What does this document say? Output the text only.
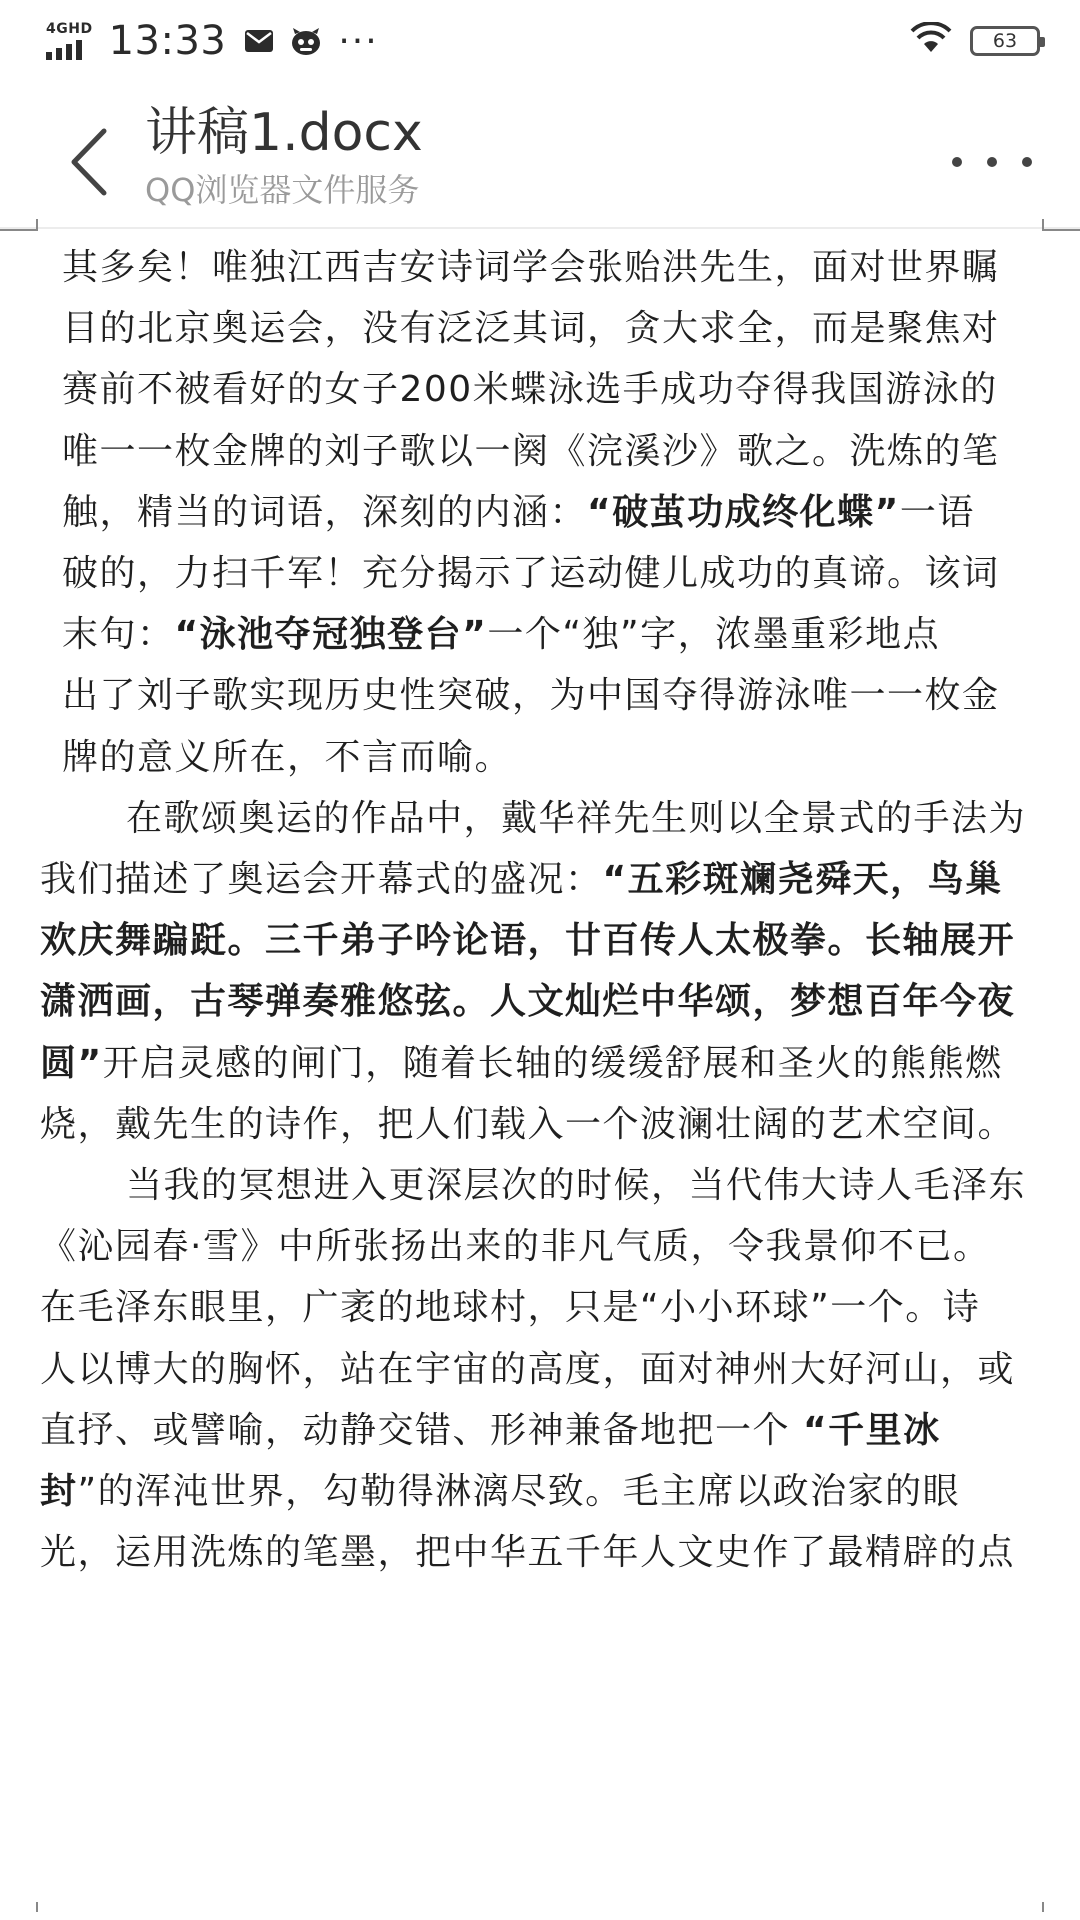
4GHD 13:33	···	63
讲稿1.docx
QQ浏览器文件服务
其多矣！唯独江西吉安诗词学会张贻洪先生，面对世界瞩
目的北京奥运会，没有泛泛其词，贪大求全，而是聚焦对
赛前不被看好的女子200米蝶泳选手成功夺得我国游泳的
唯一一枚金牌的刘子歌以一阕《浣溪沙》歌之。洗炼的笔
触，精当的词语，深刻的内涵：“破茧功成终化蝶”一语
破的，力扫千军！充分揭示了运动健儿成功的真谛。该词
末句：“泳池夺冠独登台”一个“独”字，浓墨重彩地点
出了刘子歌实现历史性突破，为中国夺得游泳唯一一枚金
牌的意义所在，不言而喻。
在歌颂奥运的作品中，戴华祥先生则以全景式的手法为
我们描述了奥运会开幕式的盛况：“五彩斑斓尧舜天，鸟巢
欢庆舞蹁跹。三千弟子吟论语，廿百传人太极拳。长轴展开
潇洒画，古琴弹奏雅悠弦。人文灿烂中华颂，梦想百年今夜
圆”开启灵感的闸门，随着长轴的缓缓舒展和圣火的熊熊燃
烧，戴先生的诗作，把人们载入一个波澜壮阔的艺术空间。
当我的冥想进入更深层次的时候，当代伟大诗人毛泽东
《沁园春·雪》中所张扬出来的非凡气质，令我景仰不已。
在毛泽东眼里，广袤的地球村，只是“小小环球”一个。诗
人以博大的胸怀，站在宇宙的高度，面对神州大好河山，或
直抒、或譬喻，动静交错、形神兼备地把一个 “千里冰
封”的浑沌世界，勾勒得淋漓尽致。毛主席以政治家的眼
光，运用洗炼的笔墨，把中华五千年人文史作了最精辟的点
